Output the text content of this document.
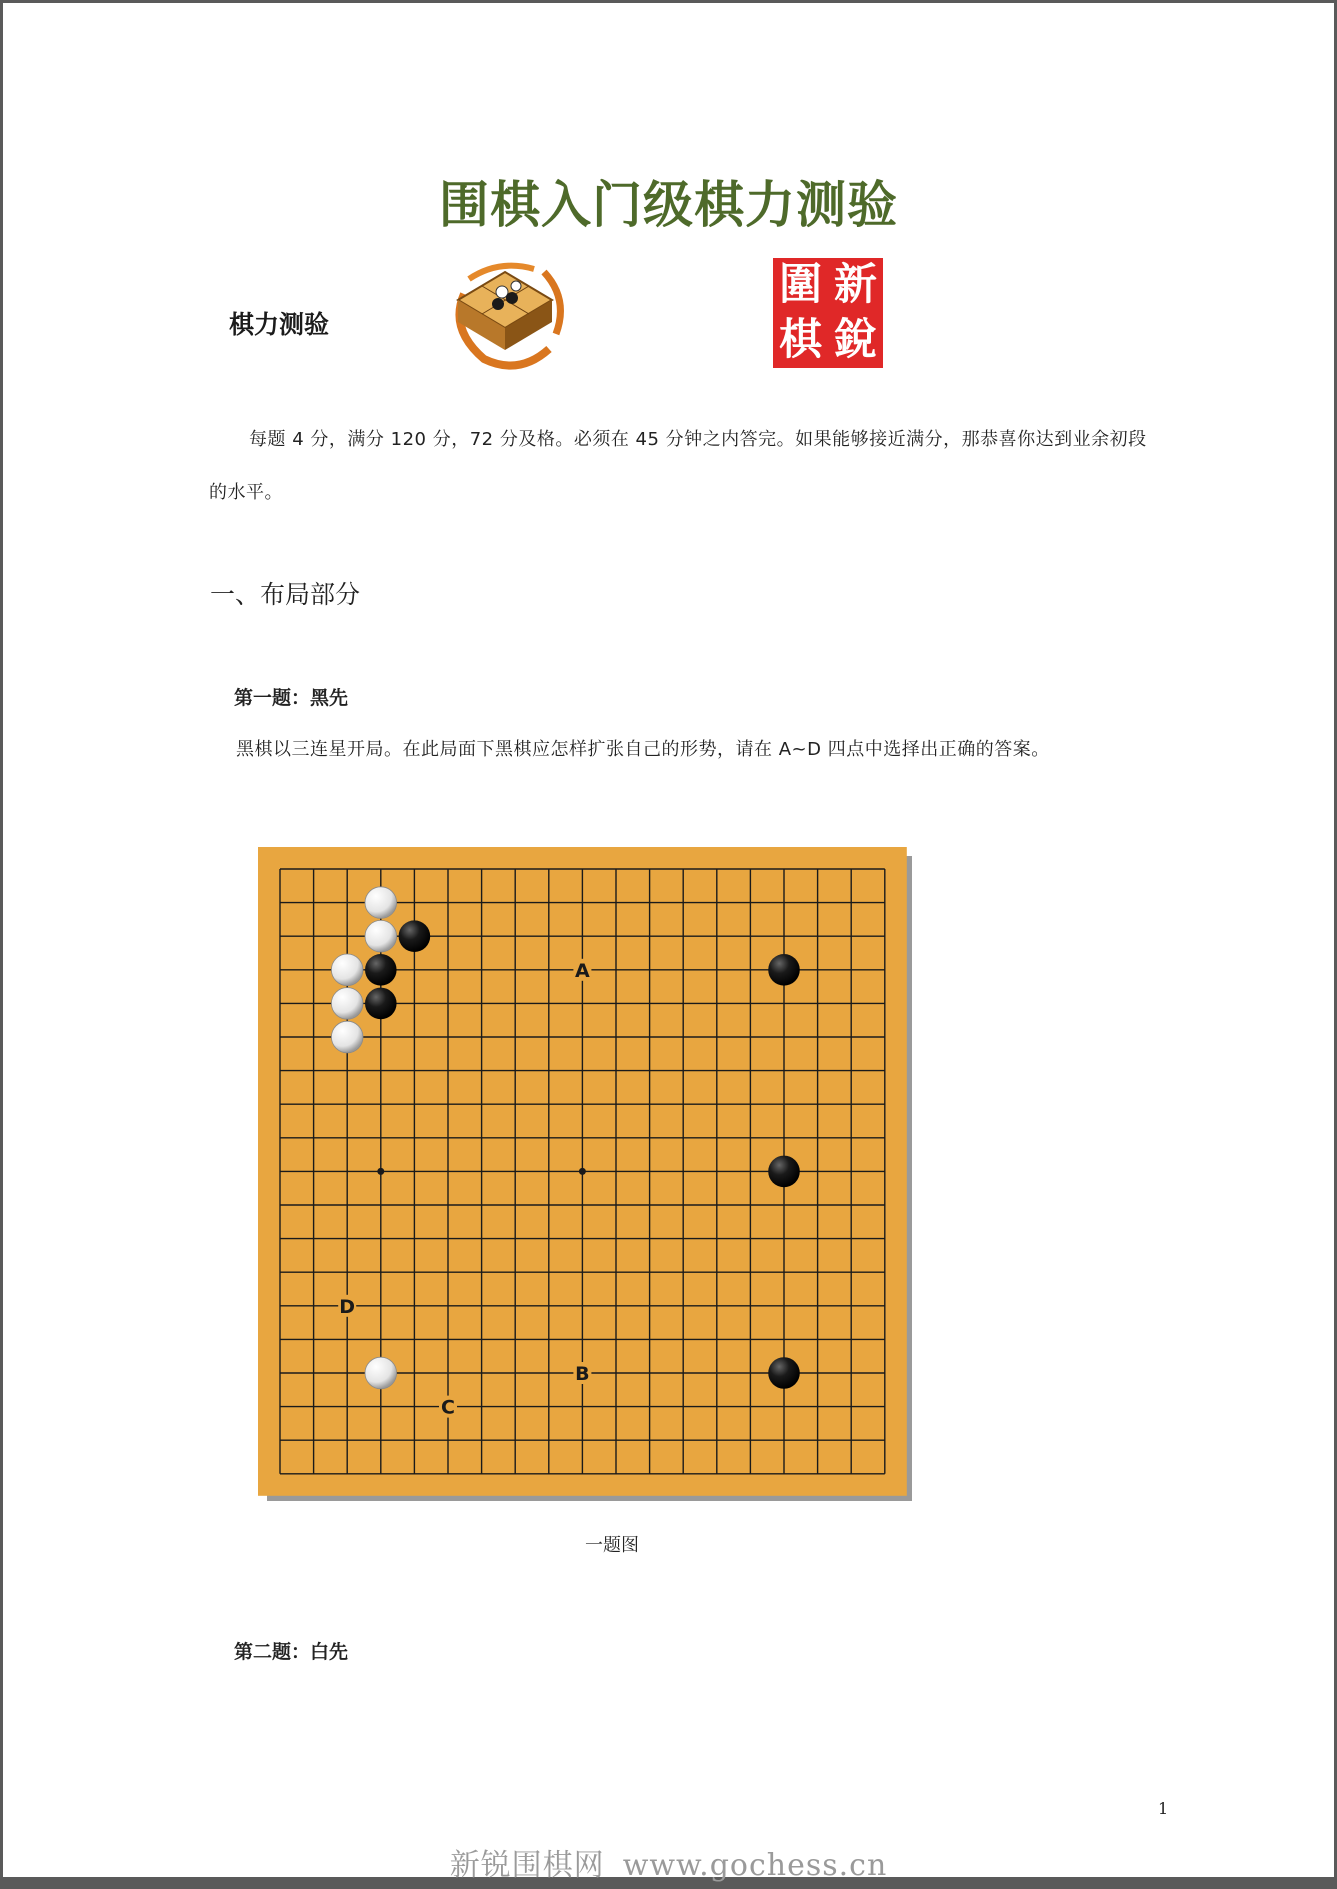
围棋入门级棋力测验
棋力测验
圍 新
棋 銳
每题 4 分，满分 120 分，72 分及格。必须在 45 分钟之内答完。如果能够接近满分，那恭喜你达到业余初段的水平。
一、布局部分
第一题：黑先
黑棋以三连星开局。在此局面下黑棋应怎样扩张自己的形势，请在 A~D 四点中选择出正确的答案。
A
B
C
D
一题图
第二题：白先
1
新锐围棋网 www.gochess.cn
